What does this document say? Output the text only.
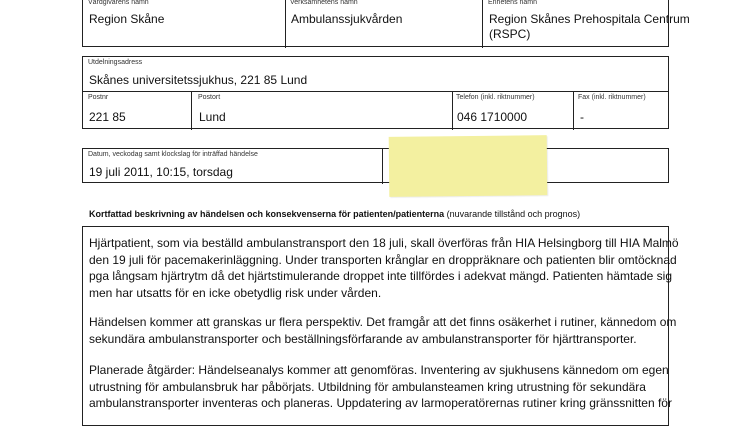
Vårdgivarens namn
Region Skåne
Verksamhetens namn
Ambulanssjukvården
Enhetens namn
Region Skånes Prehospitala Centrum
(RSPC)
Utdelningsadress
Skånes universitetssjukhus, 221 85 Lund
Postnr
221 85
Postort
Lund
Telefon (inkl. riktnummer)
046 1710000
Fax (inkl. riktnummer)
-
Datum, veckodag samt klockslag för inträffad händelse
19 juli 2011, 10:15, torsdag
Kortfattad beskrivning av händelsen och konsekvenserna för patienten/patienterna (nuvarande tillstånd och prognos)
Hjärtpatient, som via beställd ambulanstransport den 18 juli, skall överföras från HIA Helsingborg till HIA Malmö
den 19 juli för pacemakerinläggning. Under transporten krånglar en droppräknare och patienten blir omtöcknad
pga långsam hjärtrytm då det hjärtstimulerande droppet inte tillfördes i adekvat mängd. Patienten hämtade sig
men har utsatts för en icke obetydlig risk under vården.
Händelsen kommer att granskas ur flera perspektiv. Det framgår att det finns osäkerhet i rutiner, kännedom om
sekundära ambulanstransporter och beställningsförfarande av ambulanstransporter för hjärttransporter.
Planerade åtgärder: Händelseanalys kommer att genomföras. Inventering av sjukhusens kännedom om egen
utrustning för ambulansbruk har påbörjats. Utbildning för ambulansteamen kring utrustning för sekundära
ambulanstransporter inventeras och planeras. Uppdatering av larmoperatörernas rutiner kring gränssnitten för
